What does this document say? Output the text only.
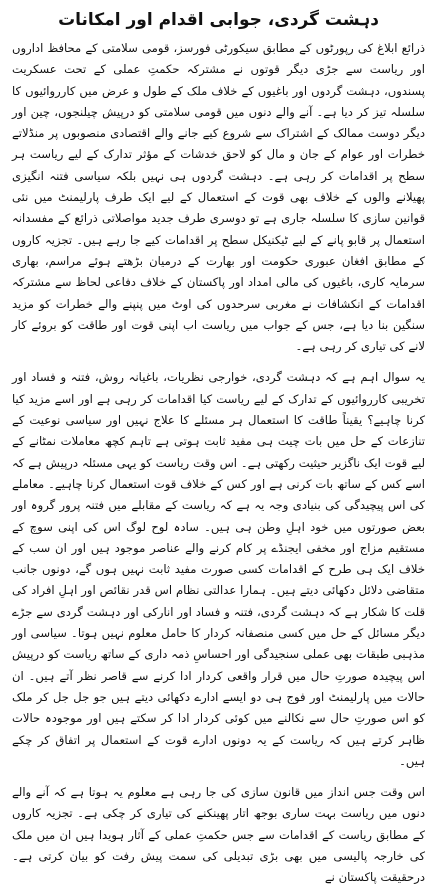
دہشت گردی، جوابی اقدام اور امکانات

ذرائع ابلاغ کی رپورٹوں کے مطابق سیکورٹی فورسز، قومی سلامتی کے محافظ اداروں اور ریاست سے جڑی دیگر قوتوں نے مشترکہ حکمتِ عملی کے تحت عسکریت پسندوں، دہشت گردوں اور باغیوں کے خلاف ملک کے طول و عرض میں کارروائیوں کا سلسلہ تیز کر دیا ہے۔ آنے والے دنوں میں قومی سلامتی کو درپیش چیلنجوں، چین اور دیگر دوست ممالک کے اشتراک سے شروع کیے جانے والے اقتصادی منصوبوں پر منڈلاتے خطرات اور عوام کے جان و مال کو لاحق خدشات کے مؤثر تدارک کے لیے ریاست ہر سطح پر اقدامات کر رہی ہے۔ دہشت گردوں ہی نہیں بلکہ سیاسی فتنہ انگیزی پھیلانے والوں کے خلاف بھی قوت کے استعمال کے لیے ایک طرف پارلیمنٹ میں نئی قوانین سازی کا سلسلہ جاری ہے تو دوسری طرف جدید مواصلاتی ذرائع کے مفسدانہ استعمال پر قابو پانے کے لیے ٹیکنیکل سطح پر اقدامات کیے جا رہے ہیں۔ تجزیہ کاروں کے مطابق افغان عبوری حکومت اور بھارت کے درمیان بڑھتے ہوئے مراسم، بھاری سرمایہ کاری، باغیوں کی مالی امداد اور پاکستان کے خلاف دفاعی لحاظ سے مشترکہ اقدامات کے انکشافات نے مغربی سرحدوں کی اوٹ میں پنپنے والے خطرات کو مزید سنگین بنا دیا ہے، جس کے جواب میں ریاست اب اپنی قوت اور طاقت کو بروئے کار لانے کی تیاری کر رہی ہے۔

یہ سوال اہم ہے کہ دہشت گردی، خوارجی نظریات، باغیانہ روش، فتنہ و فساد اور تخریبی کارروائیوں کے تدارک کے لیے ریاست کیا اقدامات کر رہی ہے اور اسے مزید کیا کرنا چاہیے؟ یقیناً طاقت کا استعمال ہر مسئلے کا علاج نہیں اور سیاسی نوعیت کے تنازعات کے حل میں بات چیت ہی مفید ثابت ہوتی ہے تاہم کچھ معاملات نمٹانے کے لیے قوت ایک ناگزیر حیثیت رکھتی ہے۔ اس وقت ریاست کو یہی مسئلہ درپیش ہے کہ اسے کس کے ساتھ بات کرنی ہے اور کس کے خلاف قوت استعمال کرنا چاہیے۔ معاملے کی اس پیچیدگی کی بنیادی وجہ یہ ہے کہ ریاست کے مقابلے میں فتنہ پرور گروہ اور بعض صورتوں میں خود اہلِ وطن ہی ہیں۔ سادہ لوح لوگ اس کی اپنی سوچ کے مستقیم مزاج اور مخفی ایجنڈے پر کام کرنے والے عناصر موجود ہیں اور ان سب کے خلاف ایک ہی طرح کے اقدامات کسی صورت مفید ثابت نہیں ہوں گے، دونوں جانب متقاضی دلائل دکھائی دیتے ہیں۔ ہمارا عدالتی نظام اس قدر نقائص اور اہلِ افراد کی قلت کا شکار ہے کہ دہشت گردی، فتنہ و فساد اور انارکی اور دہشت گردی سے جڑے دیگر مسائل کے حل میں کسی منصفانہ کردار کا حامل معلوم نہیں ہوتا۔ سیاسی اور مذہبی طبقات بھی عملی سنجیدگی اور احساسِ ذمہ داری کے ساتھ ریاست کو درپیش اس پیچیدہ صورتِ حال میں قرار واقعی کردار ادا کرنے سے قاصر نظر آتے ہیں۔ ان حالات میں پارلیمنٹ اور فوج ہی دو ایسے ادارے دکھائی دیتے ہیں جو جل جل کر ملک کو اس صورتِ حال سے نکالنے میں کوئی کردار ادا کر سکتے ہیں اور موجودہ حالات ظاہر کرتے ہیں کہ ریاست کے یہ دونوں ادارے قوت کے استعمال پر اتفاق کر چکے ہیں۔

اس وقت جس انداز میں قانون سازی کی جا رہی ہے معلوم یہ ہوتا ہے کہ آنے والے دنوں میں ریاست بہت ساری بوجھ اتار پھینکنے کی تیاری کر چکی ہے۔ تجزیہ کاروں کے مطابق ریاست کے اقدامات سے جس حکمتِ عملی کے آثار ہویدا ہیں ان میں ملک کی خارجہ پالیسی میں بھی بڑی تبدیلی کی سمت پیش رفت کو بیان کرتی ہے۔ درحقیقت پاکستان نے
